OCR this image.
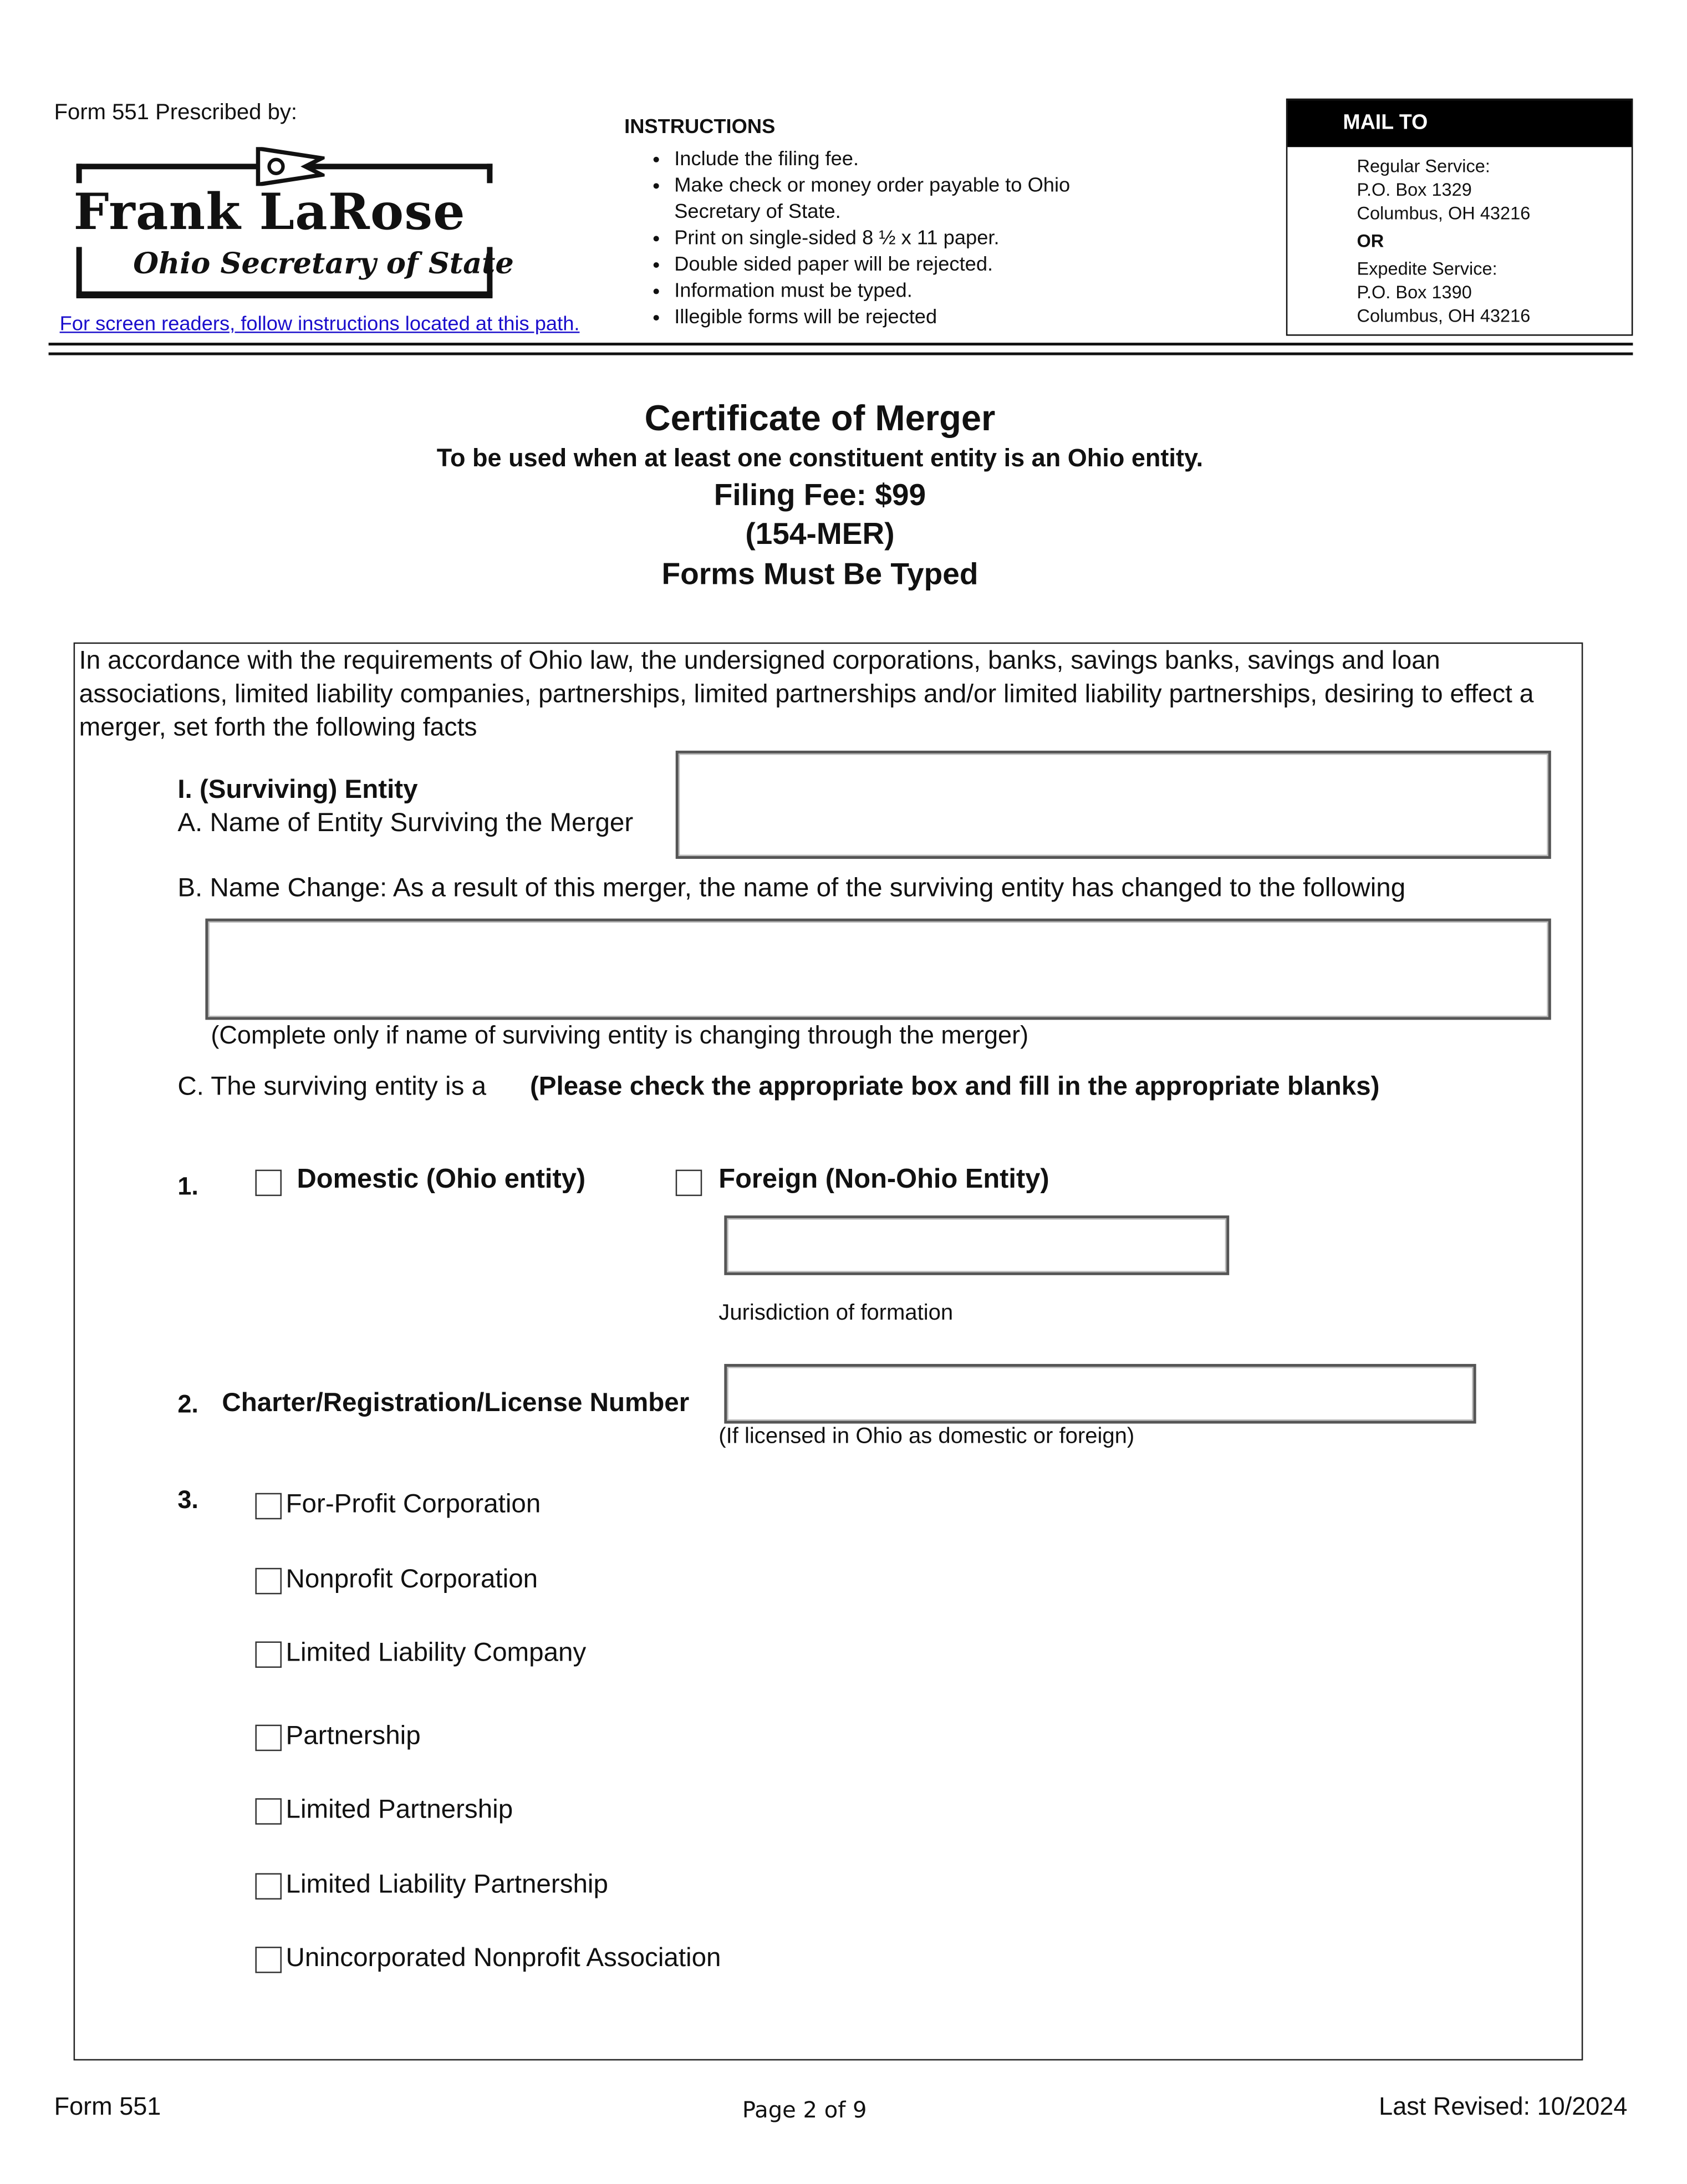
Form 551 Prescribed by:
Frank LaRose
Ohio Secretary of State
For screen readers, follow instructions located at this path.
INSTRUCTIONS
• Include the filing fee.
• Make check or money order payable to Ohio Secretary of State.
• Print on single-sided 8 ½ x 11 paper.
• Double sided paper will be rejected.
• Information must be typed.
• Illegible forms will be rejected
MAIL TO
Regular Service:
P.O. Box 1329
Columbus, OH 43216
OR
Expedite Service:
P.O. Box 1390
Columbus, OH 43216
Certificate of Merger
To be used when at least one constituent entity is an Ohio entity.
Filing Fee: $99
(154-MER)
Forms Must Be Typed
In accordance with the requirements of Ohio law, the undersigned corporations, banks, savings banks, savings and loan associations, limited liability companies, partnerships, limited partnerships and/or limited liability partnerships, desiring to effect a merger, set forth the following facts
I. (Surviving) Entity
A. Name of Entity Surviving the Merger
B. Name Change: As a result of this merger, the name of the surviving entity has changed to the following
(Complete only if name of surviving entity is changing through the merger)
C. The surviving entity is a	(Please check the appropriate box and fill in the appropriate blanks)
1.	Domestic (Ohio entity)	Foreign (Non-Ohio Entity)
Jurisdiction of formation
2. Charter/Registration/License Number
(If licensed in Ohio as domestic or foreign)
3.	For-Profit Corporation
Nonprofit Corporation
Limited Liability Company
Partnership
Limited Partnership
Limited Liability Partnership
Unincorporated Nonprofit Association
Form 551	Page 2 of 9	Last Revised: 10/2024
